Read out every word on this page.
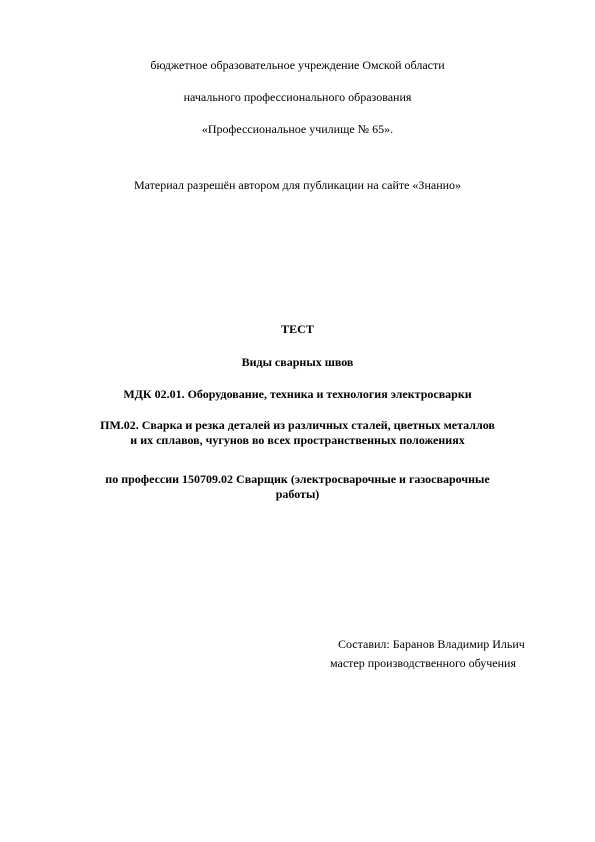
бюджетное образовательное учреждение Омской области
начального профессионального образования
«Профессиональное училище № 65».
Материал разрешён автором для публикации на сайте «Знанио»
ТЕСТ
Виды сварных швов
МДК 02.01. Оборудование, техника и технология электросварки
ПМ.02. Сварка и резка деталей из различных сталей, цветных металлов
и их сплавов, чугунов во всех пространственных положениях
по профессии 150709.02 Сварщик (электросварочные и газосварочные
работы)
Составил: Баранов Владимир Ильич
мастер производственного обучения
